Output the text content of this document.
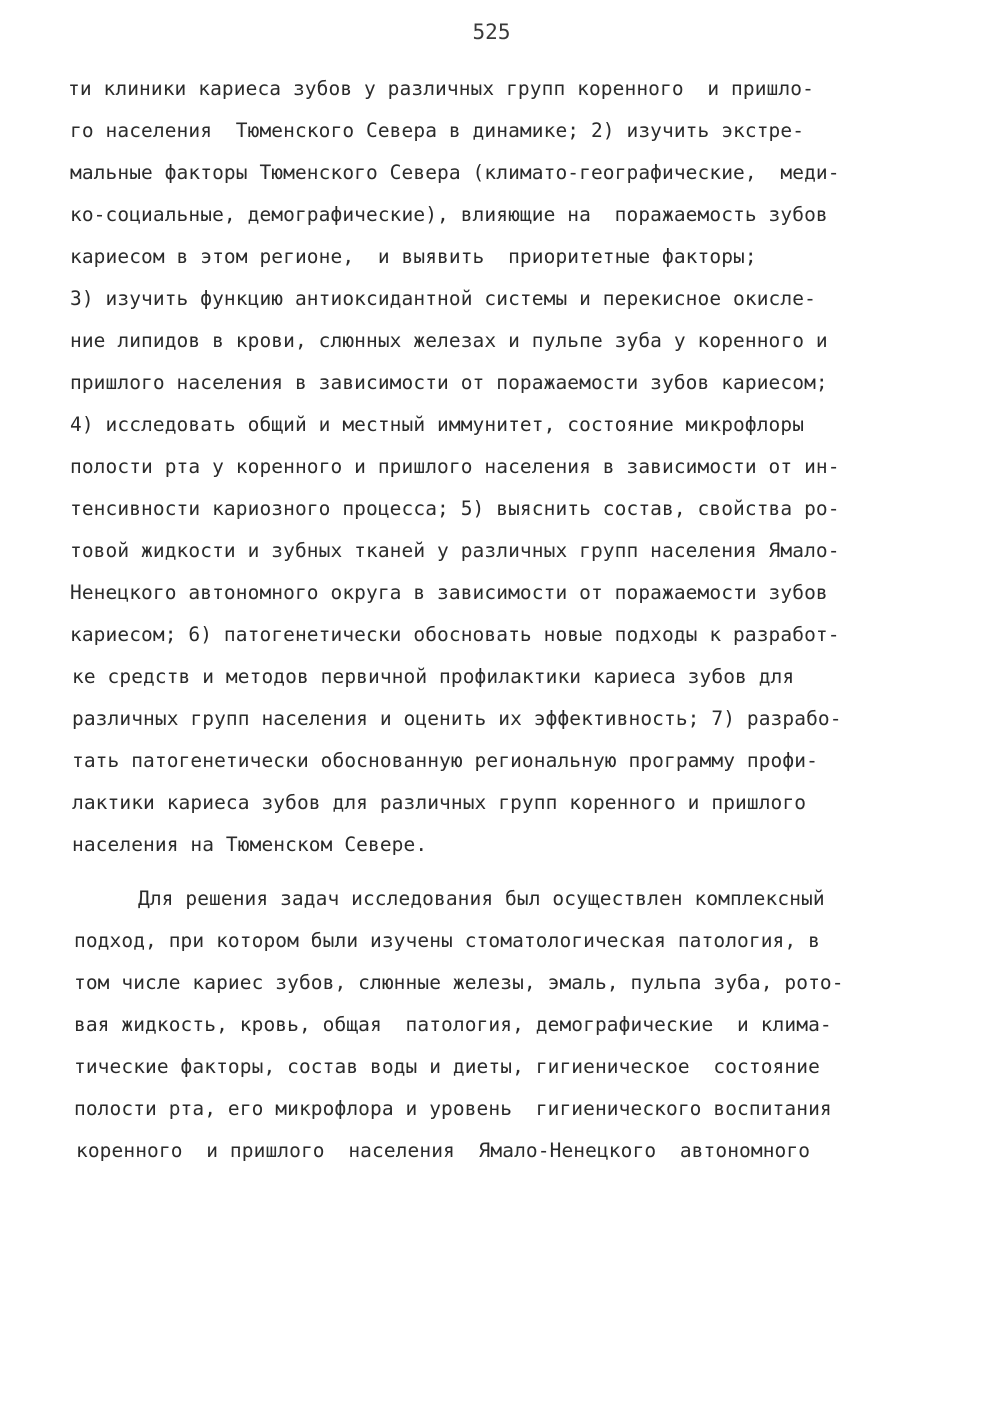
525
ти клиники кариеса зубов у различных групп коренного  и пришло-
го населения  Тюменского Севера в динамике; 2) изучить экстре-
мальные факторы Тюменского Севера (климато-географические,  меди-
ко-социальные, демографические), влияющие на  поражаемость зубов
кариесом в этом регионе,  и выявить  приоритетные факторы;
3) изучить функцию антиоксидантной системы и перекисное окисле-
ние липидов в крови, слюнных железах и пульпе зуба у коренного и
пришлого населения в зависимости от поражаемости зубов кариесом;
4) исследовать общий и местный иммунитет, состояние микрофлоры
полости рта у коренного и пришлого населения в зависимости от ин-
тенсивности кариозного процесса; 5) выяснить состав, свойства ро-
товой жидкости и зубных тканей у различных групп населения Ямало-
Ненецкого автономного округа в зависимости от поражаемости зубов
кариесом; 6) патогенетически обосновать новые подходы к разработ-
ке средств и методов первичной профилактики кариеса зубов для
различных групп населения и оценить их эффективность; 7) разрабо-
тать патогенетически обоснованную региональную программу профи-
лактики кариеса зубов для различных групп коренного и пришлого
населения на Тюменском Севере.
Для решения задач исследования был осуществлен комплексный
подход, при котором были изучены стоматологическая патология, в
том числе кариес зубов, слюнные железы, эмаль, пульпа зуба, рото-
вая жидкость, кровь, общая  патология, демографические  и клима-
тические факторы, состав воды и диеты, гигиеническое  состояние
полости рта, его микрофлора и уровень  гигиенического воспитания
коренного  и пришлого  населения  Ямало-Ненецкого  автономного
